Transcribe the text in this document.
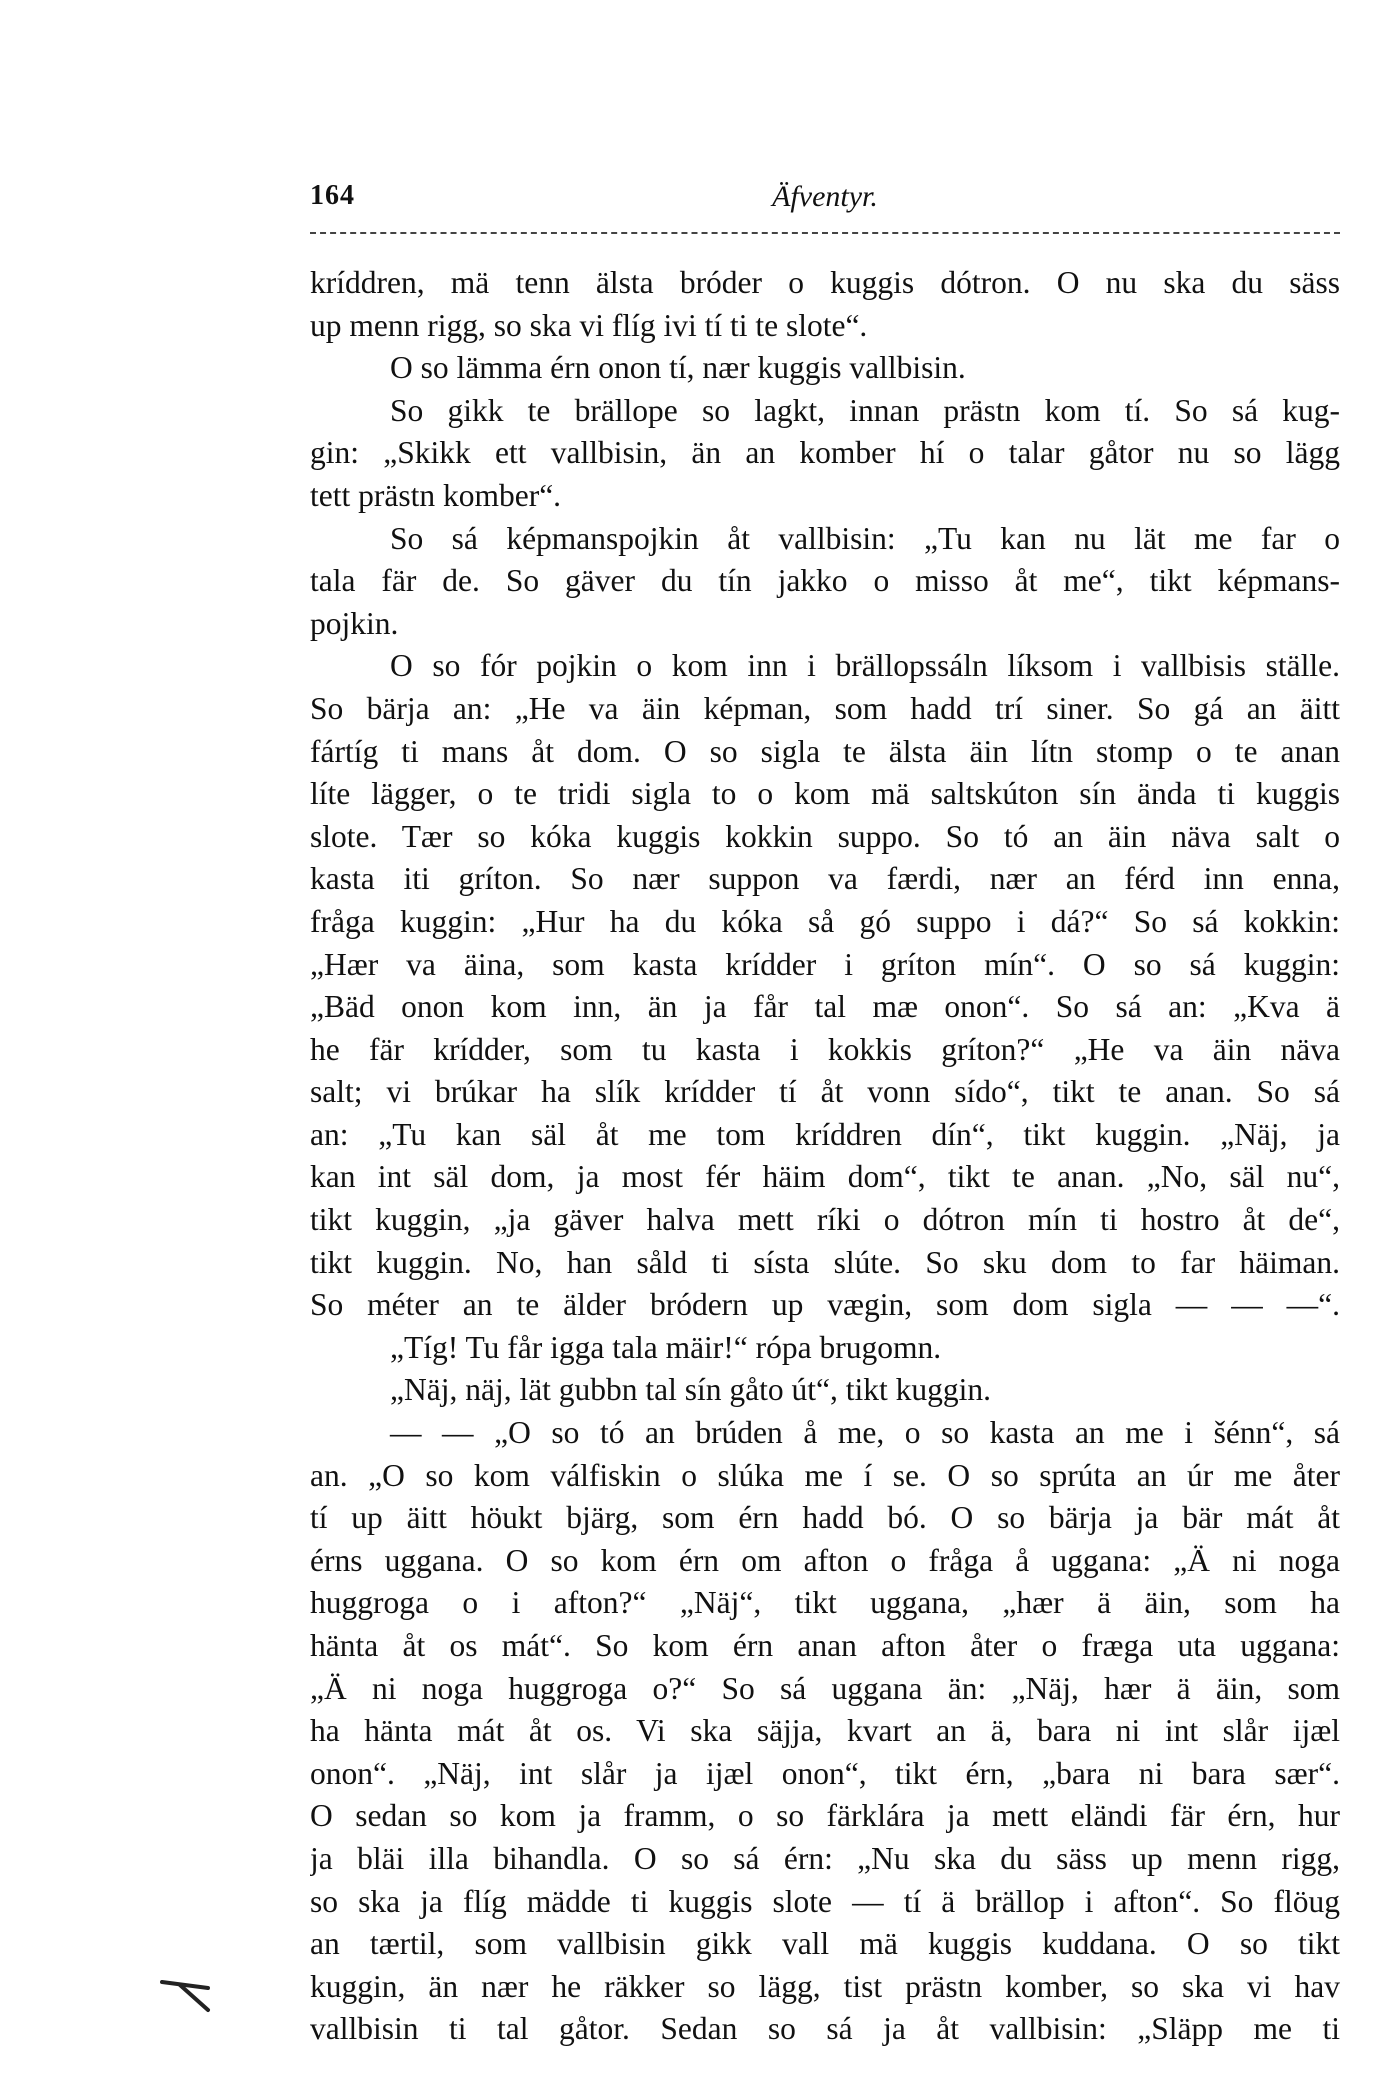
164	Äfventyr.
kríddren, mä tenn älsta bróder o kuggis dótron. O nu ska du säss
up menn rigg, so ska vi flíg ivi tí ti te slote“.
O so lämma érn onon tí, nær kuggis vallbisin.
So gikk te brällope so lagkt, innan prästn kom tí. So sá kug-
gin: „Skikk ett vallbisin, än an komber hí o talar gåtor nu so lägg
tett prästn komber“.
So sá képmanspojkin åt vallbisin: „Tu kan nu lät me far o
tala fär de. So gäver du tín jakko o misso åt me“, tikt képmans-
pojkin.
O so fór pojkin o kom inn i brällopssáln líksom i vallbisis ställe.
So bärja an: „He va äin képman, som hadd trí siner. So gá an äitt
fártíg ti mans åt dom. O so sigla te älsta äin lítn stomp o te anan
líte lägger, o te tridi sigla to o kom mä saltskúton sín ända ti kuggis
slote. Tær so kóka kuggis kokkin suppo. So tó an äin näva salt o
kasta iti gríton. So nær suppon va færdi, nær an férd inn enna,
fråga kuggin: „Hur ha du kóka så gó suppo i dá?“ So sá kokkin:
„Hær va äina, som kasta krídder i gríton mín“. O so sá kuggin:
„Bäd onon kom inn, än ja får tal mæ onon“. So sá an: „Kva ä
he fär krídder, som tu kasta i kokkis gríton?“ „He va äin näva
salt; vi brúkar ha slík krídder tí åt vonn sído“, tikt te anan. So sá
an: „Tu kan säl åt me tom kríddren dín“, tikt kuggin. „Näj, ja
kan int säl dom, ja most fér häim dom“, tikt te anan. „No, säl nu“,
tikt kuggin, „ja gäver halva mett ríki o dótron mín ti hostro åt de“,
tikt kuggin. No, han såld ti sísta slúte. So sku dom to far häiman.
So méter an te älder bródern up vægin, som dom sigla — — —“.
„Tíg! Tu får igga tala mäir!“ rópa brugomn.
„Näj, näj, lät gubbn tal sín gåto út“, tikt kuggin.
— — „O so tó an brúden å me, o so kasta an me i šénn“, sá
an. „O so kom válfiskin o slúka me í se. O so sprúta an úr me åter
tí up äitt höukt bjärg, som érn hadd bó. O so bärja ja bär mát åt
érns uggana. O so kom érn om afton o fråga å uggana: „Ä ni noga
huggroga o i afton?“ „Näj“, tikt uggana, „hær ä äin, som ha
hänta åt os mát“. So kom érn anan afton åter o fræga uta uggana:
„Ä ni noga huggroga o?“ So sá uggana än: „Näj, hær ä äin, som
ha hänta mát åt os. Vi ska säjja, kvart an ä, bara ni int slår ijæl
onon“. „Näj, int slår ja ijæl onon“, tikt érn, „bara ni bara sær“.
O sedan so kom ja framm, o so färklára ja mett eländi fär érn, hur
ja bläi illa bihandla. O so sá érn: „Nu ska du säss up menn rigg,
so ska ja flíg mädde ti kuggis slote — tí ä brällop i afton“. So flöug
an tærtil, som vallbisin gikk vall mä kuggis kuddana. O so tikt
kuggin, än nær he räkker so lägg, tist prästn komber, so ska vi hav
vallbisin ti tal gåtor. Sedan so sá ja åt vallbisin: „Släpp me ti
